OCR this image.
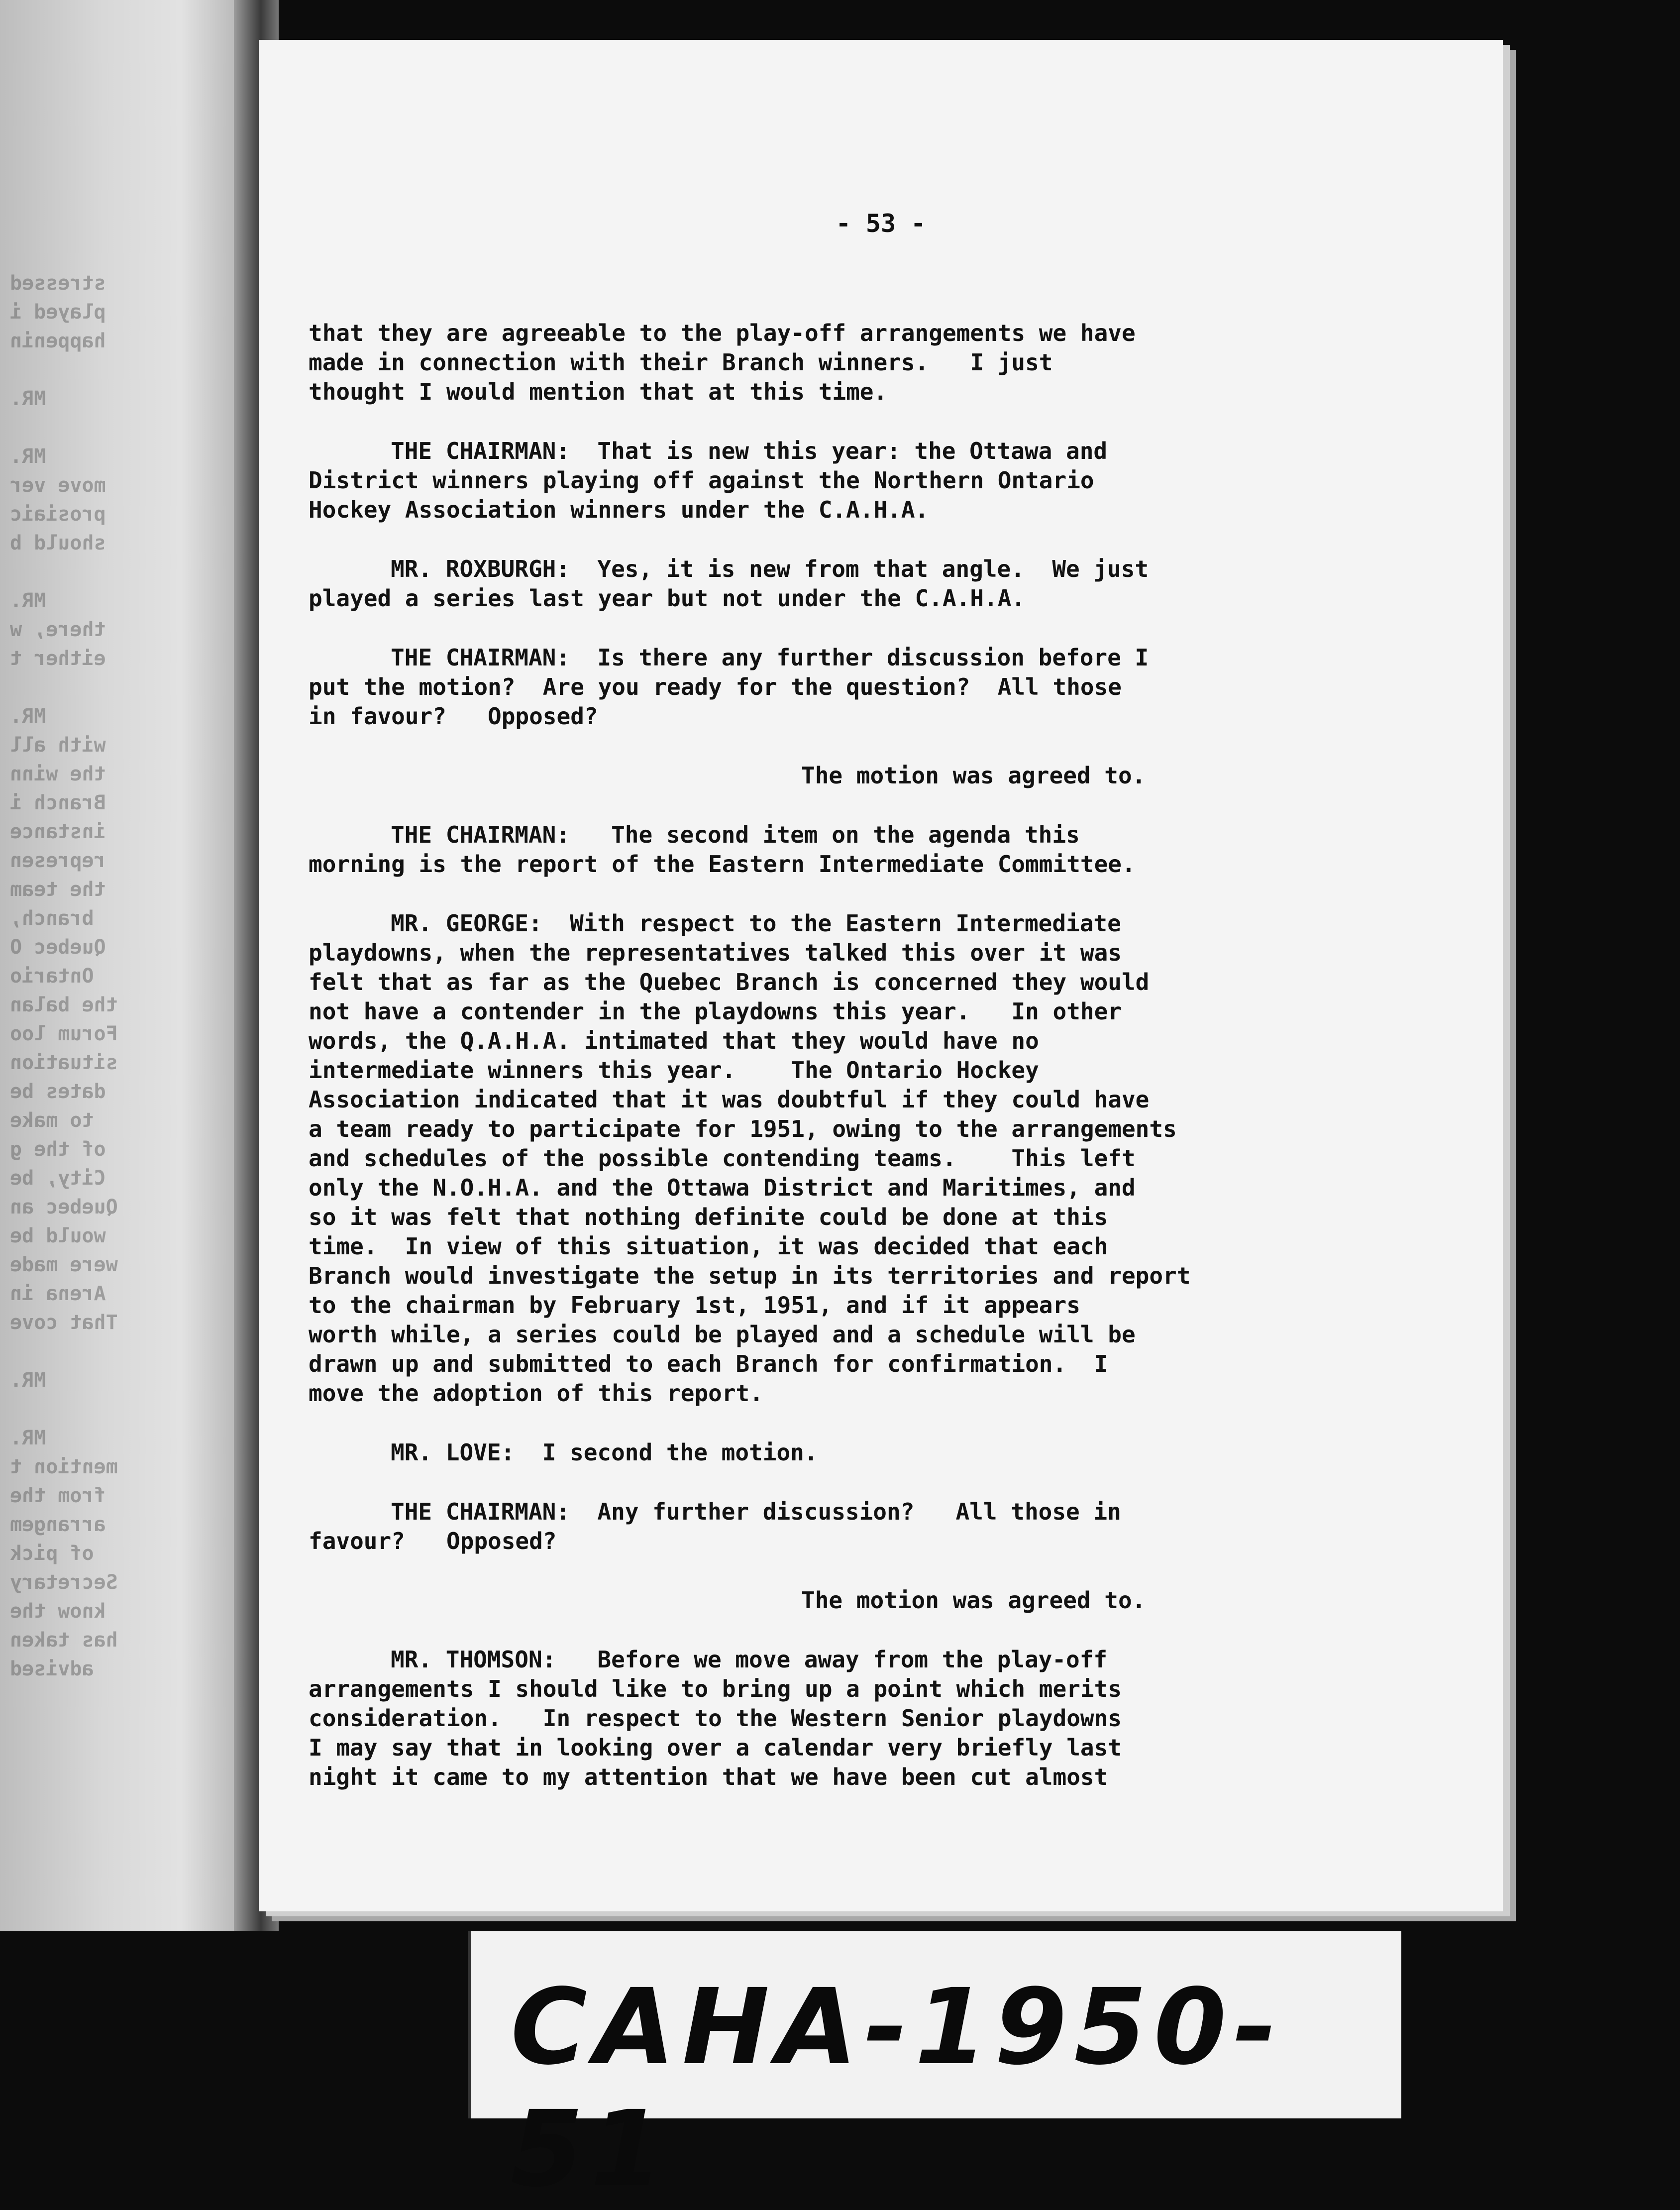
stressed
played i
happenin
MR.
MR.
move ver
prosiaic
should b
MR.
there, w
either t
MR.
with all
the winn
Branch i
instance
represen
the team
branch,
Quebec O
Ontario
the balan
Forum loo
situation
dates be
to make
of the g
City, be
Quebec an
would be
were made
Arena in
That cove
MR.
MR.
mention t
from the
arrangem
of pick
Secretary
know the
has taken
advised
- 53 -

that they are agreeable to the play-off arrangements we have
made in connection with their Branch winners.   I just
thought I would mention that at this time.

THE CHAIRMAN:  That is new this year: the Ottawa and
District winners playing off against the Northern Ontario
Hockey Association winners under the C.A.H.A.

MR. ROXBURGH:  Yes, it is new from that angle.  We just
played a series last year but not under the C.A.H.A.

THE CHAIRMAN:  Is there any further discussion before I
put the motion?  Are you ready for the question?  All those
in favour?   Opposed?

The motion was agreed to.

THE CHAIRMAN:   The second item on the agenda this
morning is the report of the Eastern Intermediate Committee.

MR. GEORGE:  With respect to the Eastern Intermediate
playdowns, when the representatives talked this over it was
felt that as far as the Quebec Branch is concerned they would
not have a contender in the playdowns this year.   In other
words, the Q.A.H.A. intimated that they would have no
intermediate winners this year.    The Ontario Hockey
Association indicated that it was doubtful if they could have
a team ready to participate for 1951, owing to the arrangements
and schedules of the possible contending teams.    This left
only the N.O.H.A. and the Ottawa District and Maritimes, and
so it was felt that nothing definite could be done at this
time.  In view of this situation, it was decided that each
Branch would investigate the setup in its territories and report
to the chairman by February 1st, 1951, and if it appears
worth while, a series could be played and a schedule will be
drawn up and submitted to each Branch for confirmation.  I
move the adoption of this report.

MR. LOVE:  I second the motion.

THE CHAIRMAN:  Any further discussion?   All those in
favour?   Opposed?

The motion was agreed to.

MR. THOMSON:   Before we move away from the play-off
arrangements I should like to bring up a point which merits
consideration.   In respect to the Western Senior playdowns
I may say that in looking over a calendar very briefly last
night it came to my attention that we have been cut almost

CAHA-1950-51
